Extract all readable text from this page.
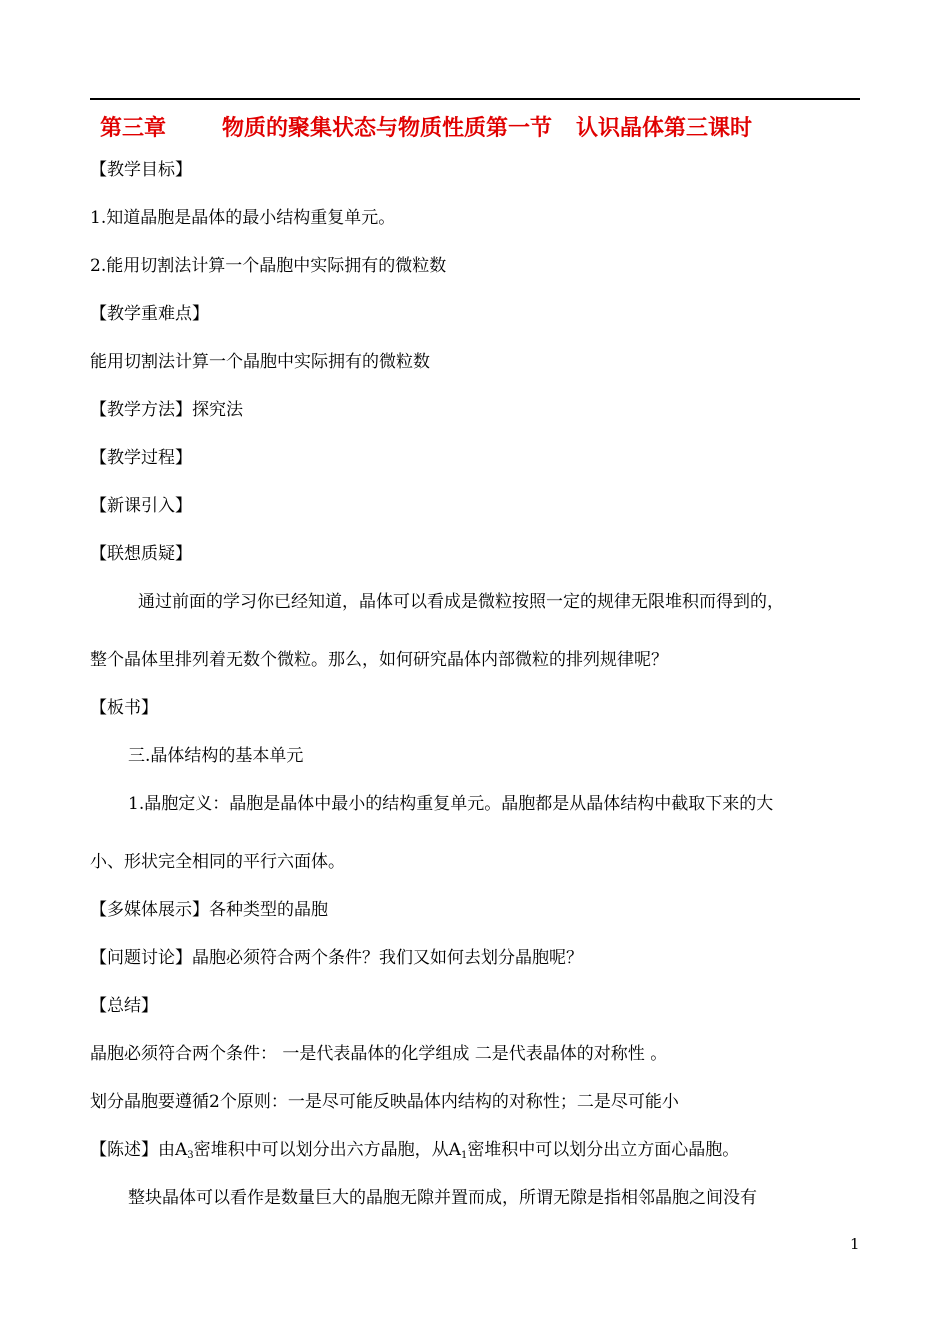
第三章	物质的聚集状态与物质性质第一节 认识晶体第三课时
【教学目标】
1.知道晶胞是晶体的最小结构重复单元。
2.能用切割法计算一个晶胞中实际拥有的微粒数
【教学重难点】
能用切割法计算一个晶胞中实际拥有的微粒数
【教学方法】探究法
【教学过程】
【新课引入】
【联想质疑】
通过前面的学习你已经知道，晶体可以看成是微粒按照一定的规律无限堆积而得到的，
整个晶体里排列着无数个微粒。那么，如何研究晶体内部微粒的排列规律呢？
【板书】
三.晶体结构的基本单元
1.晶胞定义：晶胞是晶体中最小的结构重复单元。晶胞都是从晶体结构中截取下来的大
小、形状完全相同的平行六面体。
【多媒体展示】各种类型的晶胞
【问题讨论】晶胞必须符合两个条件？我们又如何去划分晶胞呢？
【总结】
晶胞必须符合两个条件： 一是代表晶体的化学组成 二是代表晶体的对称性 。
划分晶胞要遵循2个原则：一是尽可能反映晶体内结构的对称性；二是尽可能小
【陈述】由$A_3$密堆积中可以划分出六方晶胞，从$A_1$密堆积中可以划分出立方面心晶胞。
整块晶体可以看作是数量巨大的晶胞无隙并置而成，所谓无隙是指相邻晶胞之间没有
1
